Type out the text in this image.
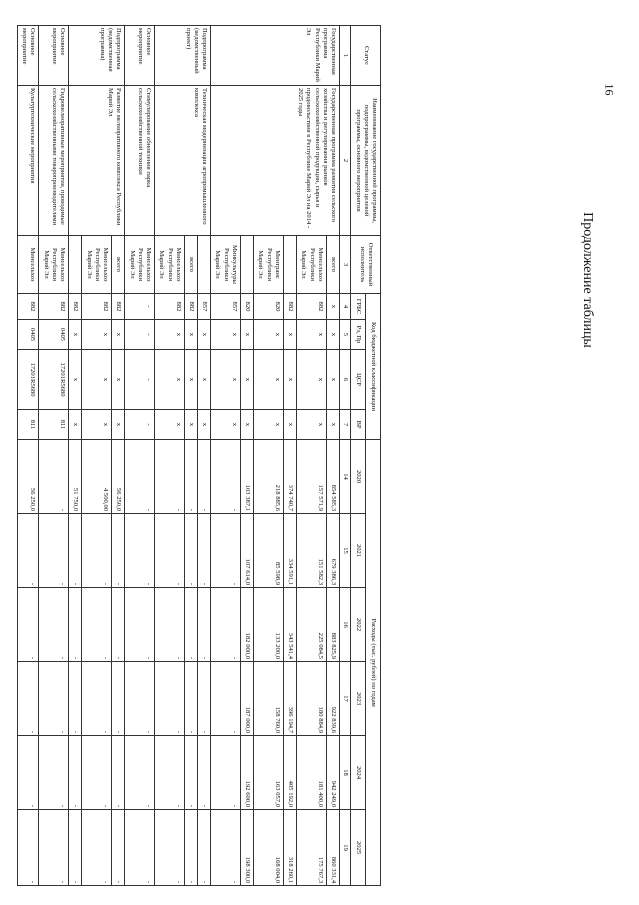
16
Продолжение таблицы
Статус	Наименование государственной программы, подпрограммы, ведомственной целевой программы, основного мероприятия	Ответственный исполнитель	Код бюджетной классификации				Расходы (тыс. рублей) по годам					
			ГРБС	Рз, Пр	ЦСР	ВР	2020	2021	2022	2023	2024	2025
1	2	3	4	5	6	7	14	15	16	17	18	19
Государственная программа Республики Марий Эл	Государственная программа развития сельского хозяйства и регулирования рынков сельскохозяйственной продукции, сырья и продовольствия в Республике Марий Эл на 2014 - 2025 годы	всего	х	х	х	х	854 585,3	679 386,3	883 825,9	922 839,6	942 249,0	860 331,4
		Минсельхоз Республики Марий Эл	882	х	х	х	157 571,9	151 582,3	225 084,5	180 884,9	181 400,0	175 767,3
			882	х	х	х	374 740,7	334 591,1	343 541,4	396 194,7	405 192,0	318 260,1
		Минтранс Республики Марий Эл	820	х	х	х	218 885,6	85 598,9	133 200,0	158 760,0	163 057,0	168 004,0
			820	х	х	х	103 387,1	107 614,0	182 000,0	187 000,0	192 600,0	198 300,0
		Минкультуры Республики Марий Эл	857	х	х	х	-	-	-	-	-	-
Подпрограмма (ведомственный проект)	Техническая модернизация агропромышленного комплекса		857	х	х	х	-	-	-	-	-	-
		всего	882	х	х	х	-	-	-	-	-	-
		Минсельхоз Республики Марий Эл	882	х	х	х	-	-	-	-	-	-
Основное мероприятие	Стимулирование обновления парка сельскохозяйственной техники	Минсельхоз Республики Марий Эл	-	-	-	-	-	-	-	-	-	-
Подпрограмма (ведомственная программа)	Развитие мелиоративного комплекса Республики Марий Эл	всего	882	х	х	х	56 250,0	-	-	-	-	-
		Минсельхоз Республики Марий Эл	882	х	х	х	4 500,00	-	-	-	-	-
			882	х	х	х	51 750,0	-	-	-	-	-
Основное мероприятие	Гидромелиоративные мероприятия, проводимые сельскохозяйственными товаропроизводителями	Минсельхоз Республики Марий Эл	882	0405	17201R5680	811	-	-	-	-	-	-
Основное мероприятие	Культуртехнические мероприятия	Минсельхоз	882	0405	17201R5680	811	56 250,0	-	-	-	-	-
